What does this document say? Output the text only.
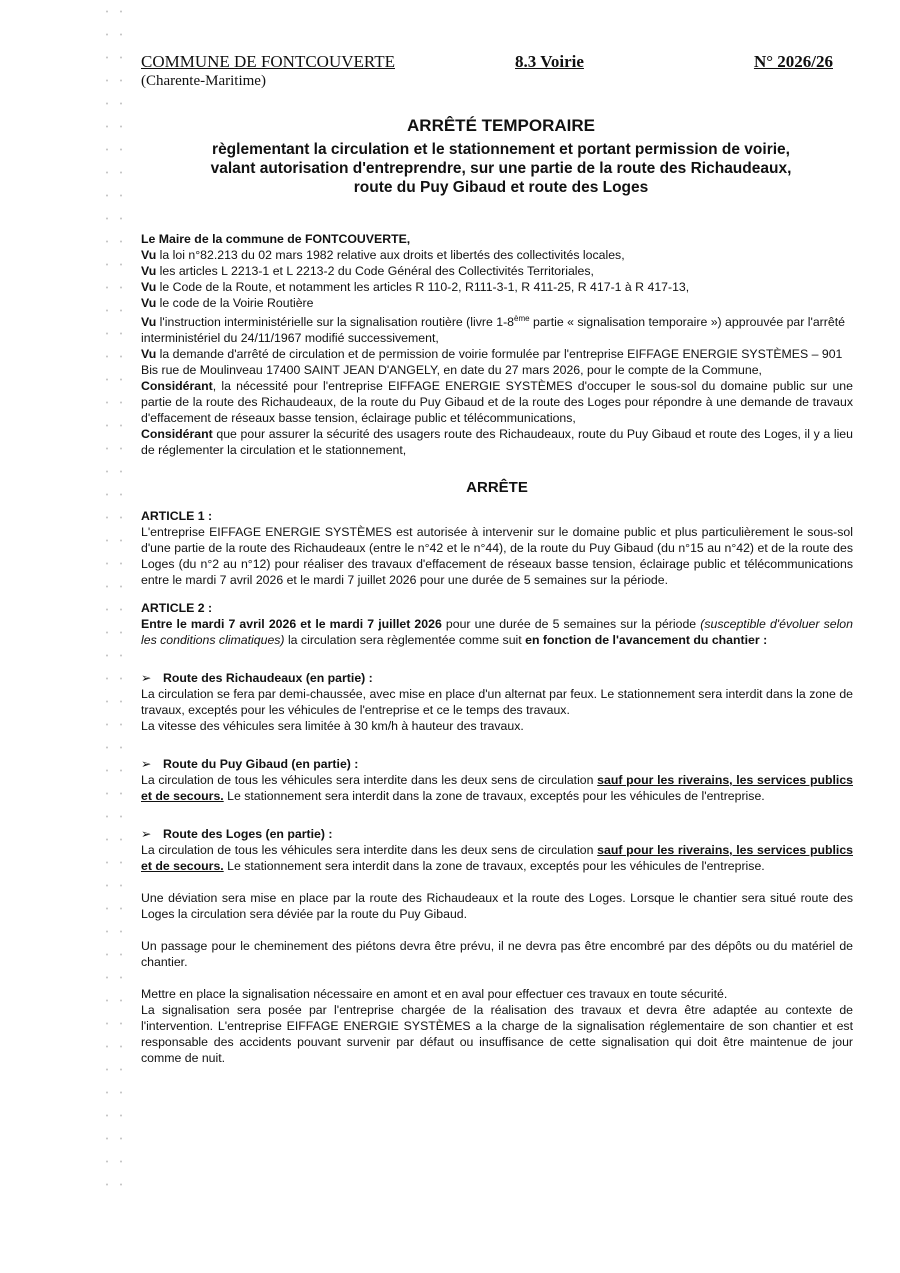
COMMUNE DE FONTCOUVERTE	8.3 Voirie	N° 2026/26
(Charente-Maritime)
ARRÊTÉ TEMPORAIRE
règlementant la circulation et le stationnement et portant permission de voirie,
valant autorisation d'entreprendre, sur une partie de la route des Richaudeaux,
route du Puy Gibaud et route des Loges

Le Maire de la commune de FONTCOUVERTE,

Vu la loi n°82.213 du 02 mars 1982 relative aux droits et libertés des collectivités locales,

Vu les articles L 2213-1 et L 2213-2 du Code Général des Collectivités Territoriales,

Vu le Code de la Route, et notamment les articles R 110-2, R111-3-1, R 411-25, R 417-1 à R 417-13,

Vu le code de la Voirie Routière

Vu l'instruction interministérielle sur la signalisation routière (livre 1-8ème partie « signalisation temporaire ») approuvée par l'arrêté interministériel du 24/11/1967 modifié successivement,

Vu la demande d'arrêté de circulation et de permission de voirie formulée par l'entreprise EIFFAGE ENERGIE SYSTÈMES – 901 Bis rue de Moulinveau 17400 SAINT JEAN D'ANGELY, en date du 27 mars 2026, pour le compte de la Commune,

Considérant, la nécessité pour l'entreprise EIFFAGE ENERGIE SYSTÈMES d'occuper le sous-sol du domaine public sur une partie de la route des Richaudeaux, de la route du Puy Gibaud et de la route des Loges pour répondre à une demande de travaux d'effacement de réseaux basse tension, éclairage public et télécommunications,

Considérant que pour assurer la sécurité des usagers route des Richaudeaux, route du Puy Gibaud et route des Loges, il y a lieu de réglementer la circulation et le stationnement,

ARRÊTE

ARTICLE 1 :

L'entreprise EIFFAGE ENERGIE SYSTÈMES est autorisée à intervenir sur le domaine public et plus particulièrement le sous-sol d'une partie de la route des Richaudeaux (entre le n°42 et le n°44), de la route du Puy Gibaud (du n°15 au n°42) et de la route des Loges (du n°2 au n°12) pour réaliser des travaux d'effacement de réseaux basse tension, éclairage public et télécommunications entre le mardi 7 avril 2026 et le mardi 7 juillet 2026 pour une durée de 5 semaines sur la période.

ARTICLE 2 :

Entre le mardi 7 avril 2026 et le mardi 7 juillet 2026 pour une durée de 5 semaines sur la période (susceptible d'évoluer selon les conditions climatiques) la circulation sera règlementée comme suit en fonction de l'avancement du chantier :

➢ Route des Richaudeaux (en partie) :

La circulation se fera par demi-chaussée, avec mise en place d'un alternat par feux. Le stationnement sera interdit dans la zone de travaux, exceptés pour les véhicules de l'entreprise et ce le temps des travaux.

La vitesse des véhicules sera limitée à 30 km/h à hauteur des travaux.

➢ Route du Puy Gibaud (en partie) :

La circulation de tous les véhicules sera interdite dans les deux sens de circulation sauf pour les riverains, les services publics et de secours. Le stationnement sera interdit dans la zone de travaux, exceptés pour les véhicules de l'entreprise.

➢ Route des Loges (en partie) :

La circulation de tous les véhicules sera interdite dans les deux sens de circulation sauf pour les riverains, les services publics et de secours. Le stationnement sera interdit dans la zone de travaux, exceptés pour les véhicules de l'entreprise.

Une déviation sera mise en place par la route des Richaudeaux et la route des Loges. Lorsque le chantier sera situé route des Loges la circulation sera déviée par la route du Puy Gibaud.

Un passage pour le cheminement des piétons devra être prévu, il ne devra pas être encombré par des dépôts ou du matériel de chantier.

Mettre en place la signalisation nécessaire en amont et en aval pour effectuer ces travaux en toute sécurité.

La signalisation sera posée par l'entreprise chargée de la réalisation des travaux et devra être adaptée au contexte de l'intervention. L'entreprise EIFFAGE ENERGIE SYSTÈMES a la charge de la signalisation réglementaire de son chantier et est responsable des accidents pouvant survenir par défaut ou insuffisance de cette signalisation qui doit être maintenue de jour comme de nuit.
